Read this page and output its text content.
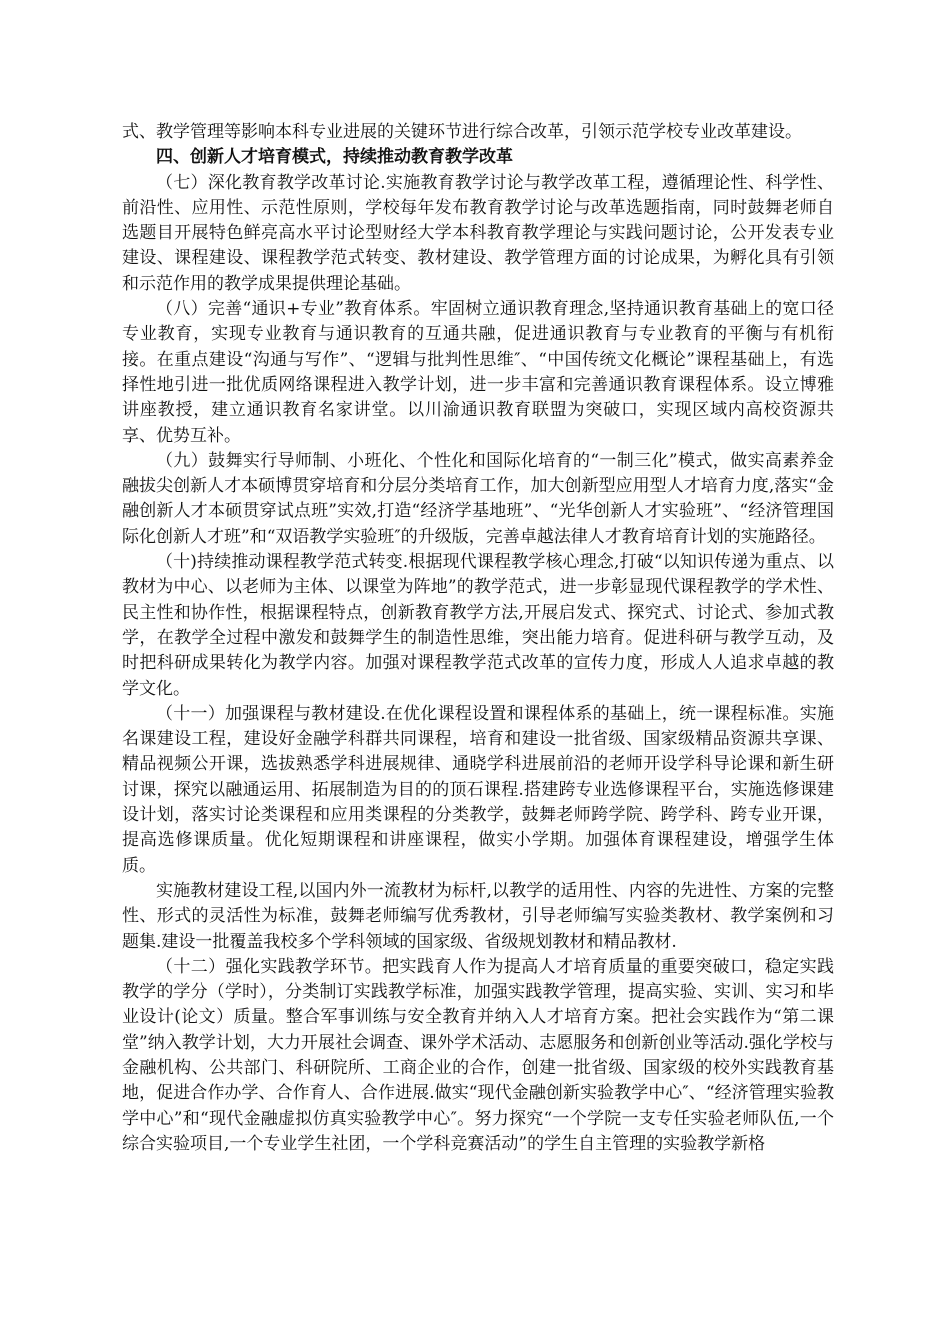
式、教学管理等影响本科专业进展的关键环节进行综合改革，引领示范学校专业改革建设。

四、创新人才培育模式，持续推动教育教学改革

（七）深化教育教学改革讨论.实施教育教学讨论与教学改革工程，遵循理论性、科学性、前沿性、应用性、示范性原则，学校每年发布教育教学讨论与改革选题指南，同时鼓舞老师自选题目开展特色鲜亮高水平讨论型财经大学本科教育教学理论与实践问题讨论，公开发表专业建设、课程建设、课程教学范式转变、教材建设、教学管理方面的讨论成果，为孵化具有引领和示范作用的教学成果提供理论基础。

（八）完善“通识+专业”教育体系。牢固树立通识教育理念,坚持通识教育基础上的宽口径专业教育，实现专业教育与通识教育的互通共融，促进通识教育与专业教育的平衡与有机衔接。在重点建设“沟通与写作”、“逻辑与批判性思维″、“中国传统文化概论”课程基础上，有选择性地引进一批优质网络课程进入教学计划，进一步丰富和完善通识教育课程体系。设立博雅讲座教授，建立通识教育名家讲堂。以川渝通识教育联盟为突破口，实现区域内高校资源共享、优势互补。

（九）鼓舞实行导师制、小班化、个性化和国际化培育的“一制三化”模式，做实高素养金融拔尖创新人才本硕博贯穿培育和分层分类培育工作，加大创新型应用型人才培育力度,落实“金融创新人才本硕贯穿试点班”实效,打造“经济学基地班”、“光华创新人才实验班”、“经济管理国际化创新人才班”和“双语教学实验班″的升级版，完善卓越法律人才教育培育计划的实施路径。

（十)持续推动课程教学范式转变.根据现代课程教学核心理念,打破“以知识传递为重点、以教材为中心、以老师为主体、以课堂为阵地”的教学范式，进一步彰显现代课程教学的学术性、民主性和协作性，根据课程特点，创新教育教学方法,开展启发式、探究式、讨论式、参加式教学，在教学全过程中激发和鼓舞学生的制造性思维，突出能力培育。促进科研与教学互动，及时把科研成果转化为教学内容。加强对课程教学范式改革的宣传力度，形成人人追求卓越的教学文化。

（十一）加强课程与教材建设.在优化课程设置和课程体系的基础上，统一课程标准。实施名课建设工程，建设好金融学科群共同课程，培育和建设一批省级、国家级精品资源共享课、精品视频公开课，选拔熟悉学科进展规律、通晓学科进展前沿的老师开设学科导论课和新生研讨课，探究以融通运用、拓展制造为目的的顶石课程.搭建跨专业选修课程平台，实施选修课建设计划，落实讨论类课程和应用类课程的分类教学，鼓舞老师跨学院、跨学科、跨专业开课，提高选修课质量。优化短期课程和讲座课程，做实小学期。加强体育课程建设，增强学生体质。

实施教材建设工程,以国内外一流教材为标杆,以教学的适用性、内容的先进性、方案的完整性、形式的灵活性为标准，鼓舞老师编写优秀教材，引导老师编写实验类教材、教学案例和习题集.建设一批覆盖我校多个学科领域的国家级、省级规划教材和精品教材.

（十二）强化实践教学环节。把实践育人作为提高人才培育质量的重要突破口，稳定实践教学的学分（学时），分类制订实践教学标准，加强实践教学管理，提高实验、实训、实习和毕业设计(论文）质量。整合军事训练与安全教育并纳入人才培育方案。把社会实践作为“第二课堂”纳入教学计划，大力开展社会调查、课外学术活动、志愿服务和创新创业等活动.强化学校与金融机构、公共部门、科研院所、工商企业的合作，创建一批省级、国家级的校外实践教育基地，促进合作办学、合作育人、合作进展.做实“现代金融创新实验教学中心″、“经济管理实验教学中心”和“现代金融虚拟仿真实验教学中心″。努力探究“一个学院一支专任实验老师队伍,一个综合实验项目,一个专业学生社团，一个学科竞赛活动”的学生自主管理的实验教学新格
